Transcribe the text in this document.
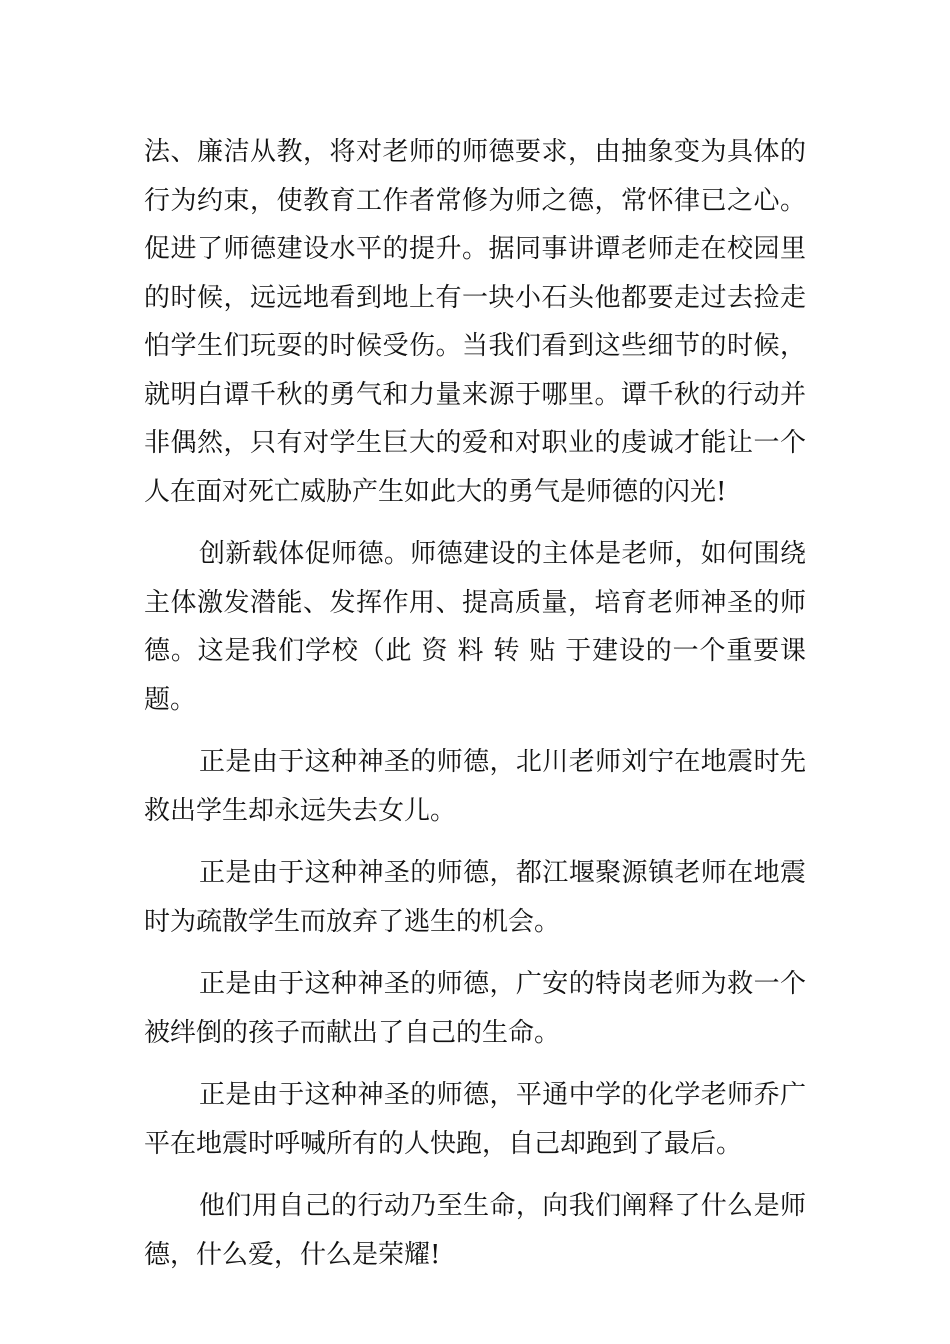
法、廉洁从教，将对老师的师德要求，由抽象变为具体的
行为约束，使教育工作者常修为师之德，常怀律已之心。
促进了师德建设水平的提升。据同事讲谭老师走在校园里
的时候，远远地看到地上有一块小石头他都要走过去捡走
怕学生们玩耍的时候受伤。当我们看到这些细节的时候，
就明白谭千秋的勇气和力量来源于哪里。谭千秋的行动并
非偶然，只有对学生巨大的爱和对职业的虔诚才能让一个
人在面对死亡威胁产生如此大的勇气是师德的闪光!
创新载体促师德。师德建设的主体是老师，如何围绕
主体激发潜能、发挥作用、提高质量，培育老师神圣的师
德。这是我们学校（此 资 料 转 贴 于建设的一个重要课
题。
正是由于这种神圣的师德，北川老师刘宁在地震时先
救出学生却永远失去女儿。
正是由于这种神圣的师德，都江堰聚源镇老师在地震
时为疏散学生而放弃了逃生的机会。
正是由于这种神圣的师德，广安的特岗老师为救一个
被绊倒的孩子而献出了自己的生命。
正是由于这种神圣的师德，平通中学的化学老师乔广
平在地震时呼喊所有的人快跑，自己却跑到了最后。
他们用自己的行动乃至生命，向我们阐释了什么是师
德，什么爱，什么是荣耀!
